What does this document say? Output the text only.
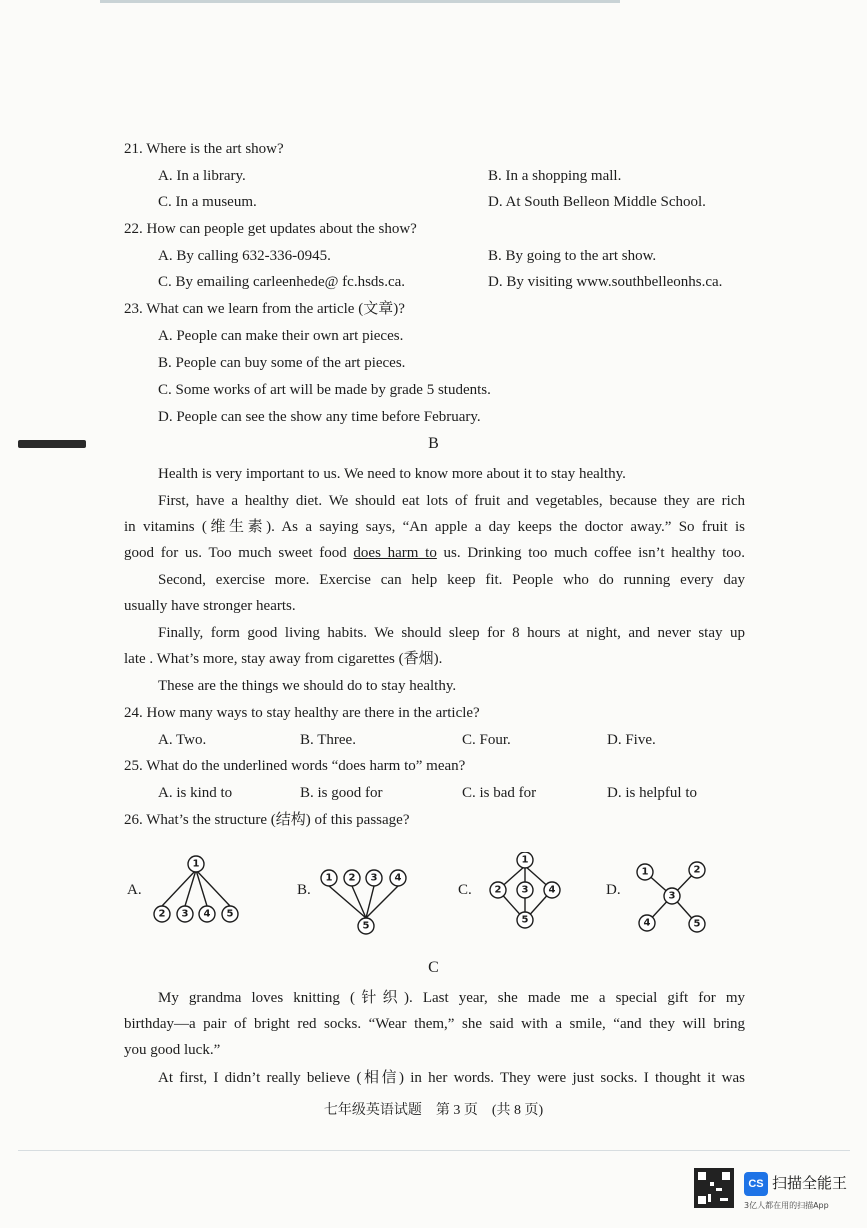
21. Where is the art show?
A. In a library.	B. In a shopping mall.
C. In a museum.	D. At South Belleon Middle School.
22. How can people get updates about the show?
A. By calling 632-336-0945.	B. By going to the art show.
C. By emailing carleenhede@ fc.hsds.ca.	D. By visiting www.southbelleonhs.ca.
23. What can we learn from the article (文章)?
A. People can make their own art pieces.
B. People can buy some of the art pieces.
C. Some works of art will be made by grade 5 students.
D. People can see the show any time before February.
B
Health is very important to us. We need to know more about it to stay healthy.
First, have a healthy diet. We should eat lots of fruit and vegetables, because they are rich
in vitamins (维生素). As a saying says, “An apple a day keeps the doctor away.” So fruit is
good for us. Too much sweet food does harm to us. Drinking too much coffee isn’t healthy too.
Second, exercise more. Exercise can help keep fit. People who do running every day
usually have stronger hearts.
Finally, form good living habits. We should sleep for 8 hours at night, and never stay up
late . What’s more, stay away from cigarettes (香烟).
These are the things we should do to stay healthy.
24. How many ways to stay healthy are there in the article?
A. Two.	B. Three.	C. Four.	D. Five.
25. What do the underlined words “does harm to” mean?
A. is kind to	B. is good for	C. is bad for	D. is helpful to
26. What’s the structure (结构) of this passage?
A.	B.	C.	D.
1
2 3 4 5
1 2 3 4
5
1
2 3 4
5
1	2
3
4	5
C
My grandma loves knitting (针织). Last year, she made me a special gift for my
birthday—a pair of bright red socks. “Wear them,” she said with a smile, “and they will bring
you good luck.”
At first, I didn’t really believe (相信) in her words. They were just socks. I thought it was
七年级英语试题　第 3 页　(共 8 页)
CS 扫描全能王
3亿人都在用的扫描App
